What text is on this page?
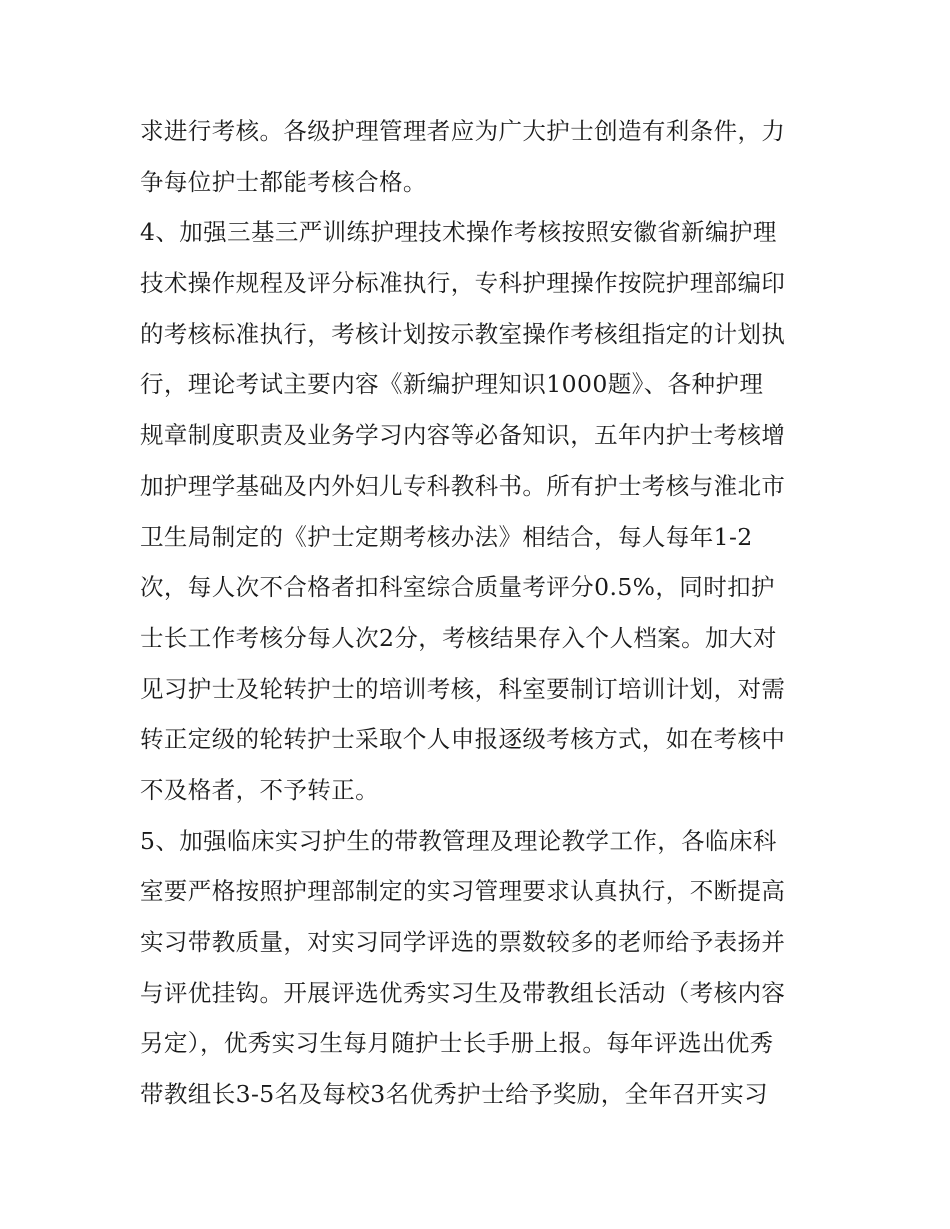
求进行考核。各级护理管理者应为广大护士创造有利条件，力
争每位护士都能考核合格。
4、加强三基三严训练护理技术操作考核按照安徽省新编护理
技术操作规程及评分标准执行，专科护理操作按院护理部编印
的考核标准执行，考核计划按示教室操作考核组指定的计划执
行，理论考试主要内容《新编护理知识1000题》、各种护理
规章制度职责及业务学习内容等必备知识，五年内护士考核增
加护理学基础及内外妇儿专科教科书。所有护士考核与淮北市
卫生局制定的《护士定期考核办法》相结合，每人每年1-2
次，每人次不合格者扣科室综合质量考评分0.5%，同时扣护
士长工作考核分每人次2分，考核结果存入个人档案。加大对
见习护士及轮转护士的培训考核，科室要制订培训计划，对需
转正定级的轮转护士采取个人申报逐级考核方式，如在考核中
不及格者，不予转正。
5、加强临床实习护生的带教管理及理论教学工作，各临床科
室要严格按照护理部制定的实习管理要求认真执行，不断提高
实习带教质量，对实习同学评选的票数较多的老师给予表扬并
与评优挂钩。开展评选优秀实习生及带教组长活动（考核内容
另定），优秀实习生每月随护士长手册上报。每年评选出优秀
带教组长3-5名及每校3名优秀护士给予奖励，全年召开实习
